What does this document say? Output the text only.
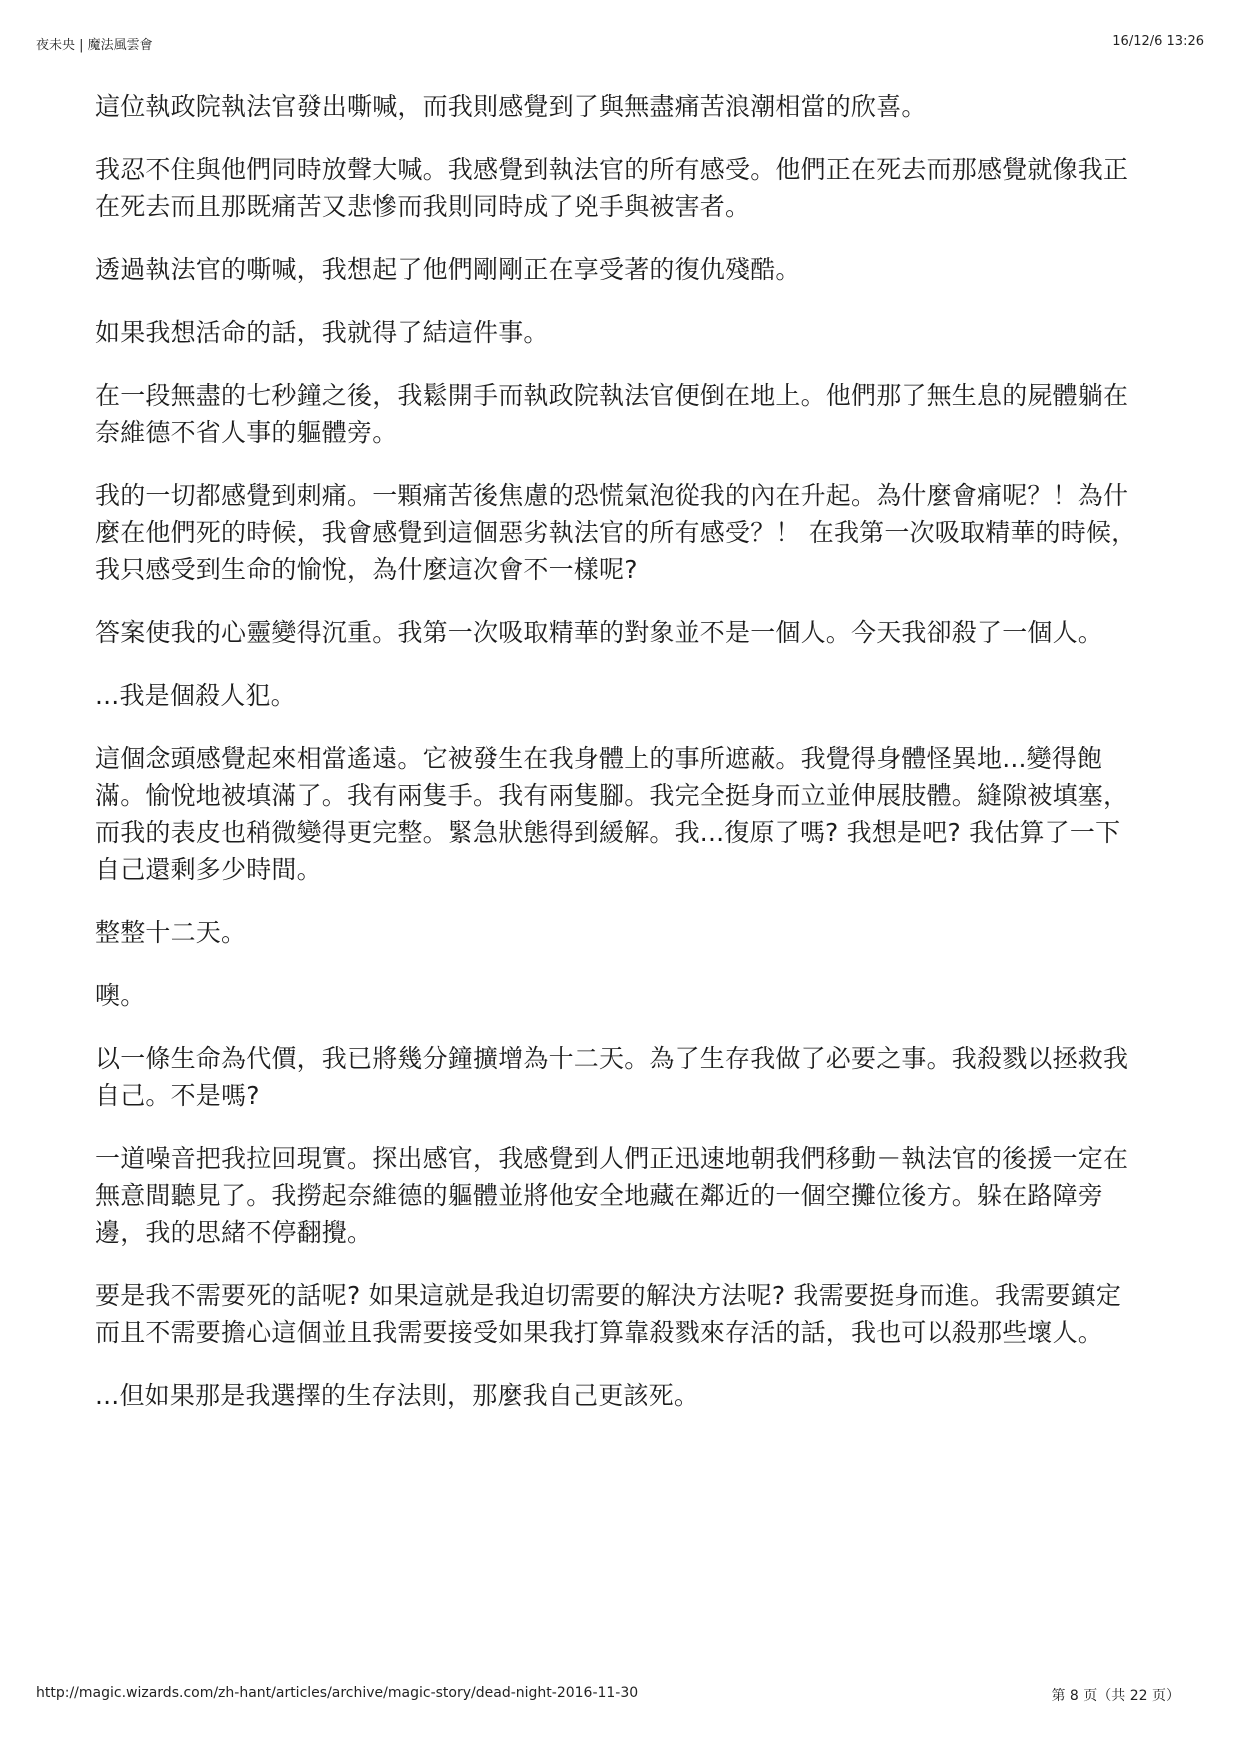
夜未央 | 魔法風雲會	16/12/6 13:26

這位執政院執法官發出嘶喊，而我則感覺到了與無盡痛苦浪潮相當的欣喜。

我忍不住與他們同時放聲大喊。我感覺到執法官的所有感受。他們正在死去而那感覺就像我正在死去而且那既痛苦又悲慘而我則同時成了兇手與被害者。

透過執法官的嘶喊，我想起了他們剛剛正在享受著的復仇殘酷。

如果我想活命的話，我就得了結這件事。

在一段無盡的七秒鐘之後，我鬆開手而執政院執法官便倒在地上。他們那了無生息的屍體躺在奈維德不省人事的軀體旁。

我的一切都感覺到刺痛。一顆痛苦後焦慮的恐慌氣泡從我的內在升起。為什麼會痛呢？！為什麼在他們死的時候，我會感覺到這個惡劣執法官的所有感受？！ 在我第一次吸取精華的時候，我只感受到生命的愉悅，為什麼這次會不一樣呢?

答案使我的心靈變得沉重。我第一次吸取精華的對象並不是一個人。今天我卻殺了一個人。

...我是個殺人犯。

這個念頭感覺起來相當遙遠。它被發生在我身體上的事所遮蔽。我覺得身體怪異地...變得飽滿。愉悅地被填滿了。我有兩隻手。我有兩隻腳。我完全挺身而立並伸展肢體。縫隙被填塞，而我的表皮也稍微變得更完整。緊急狀態得到緩解。我...復原了嗎? 我想是吧? 我估算了一下自己還剩多少時間。

整整十二天。

噢。

以一條生命為代價，我已將幾分鐘擴增為十二天。為了生存我做了必要之事。我殺戮以拯救我自己。不是嗎?

一道噪音把我拉回現實。探出感官，我感覺到人們正迅速地朝我們移動－執法官的後援一定在無意間聽見了。我撈起奈維德的軀體並將他安全地藏在鄰近的一個空攤位後方。躲在路障旁邊，我的思緒不停翻攪。

要是我不需要死的話呢? 如果這就是我迫切需要的解決方法呢? 我需要挺身而進。我需要鎮定而且不需要擔心這個並且我需要接受如果我打算靠殺戮來存活的話，我也可以殺那些壞人。

...但如果那是我選擇的生存法則，那麼我自己更該死。

http://magic.wizards.com/zh-hant/articles/archive/magic-story/dead-night-2016-11-30	第 8 页（共 22 页）
